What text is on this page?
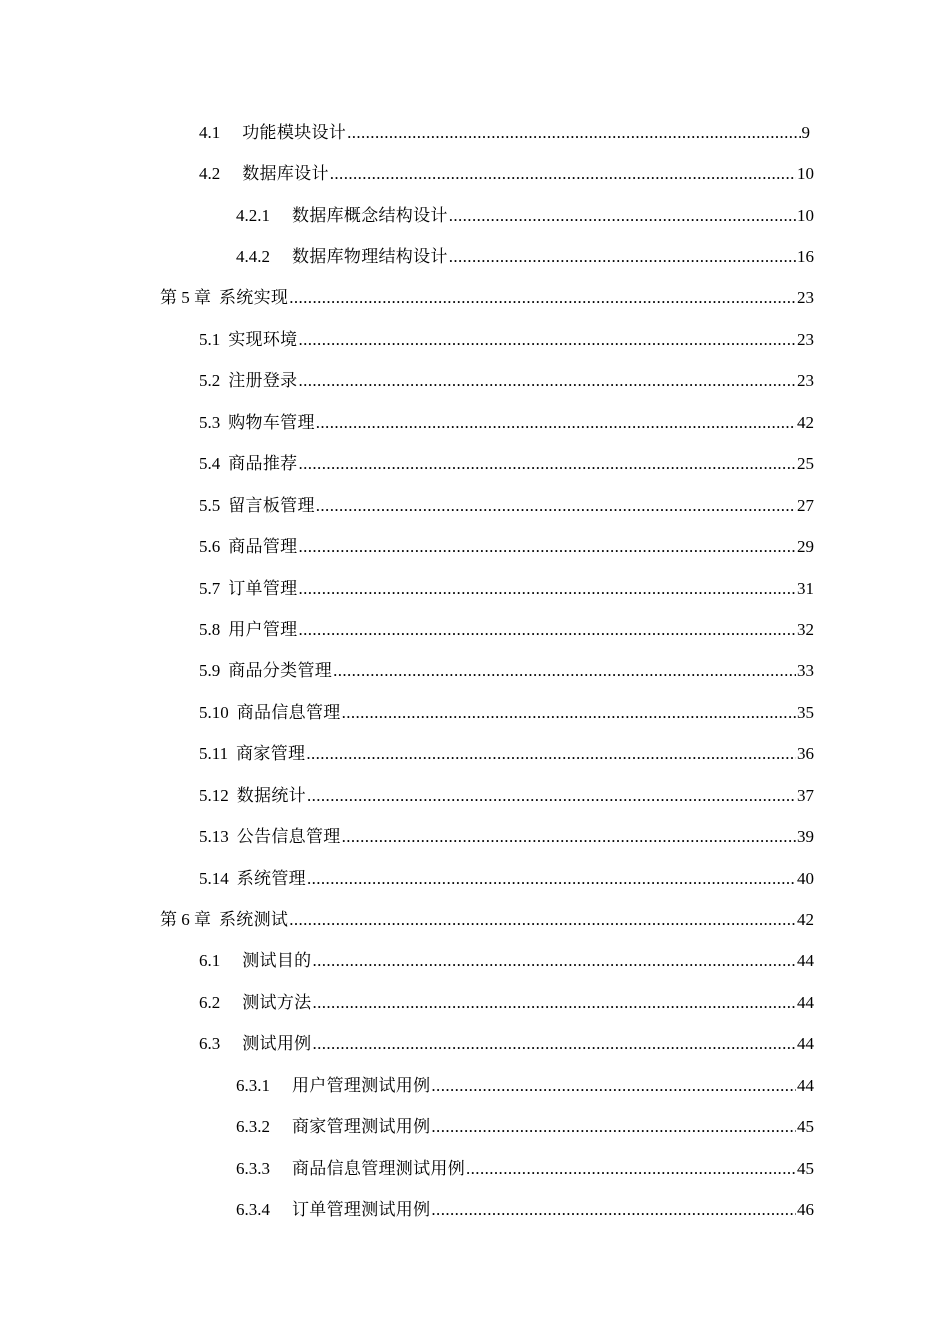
4.1 功能模块设计 .....	9
4.2 数据库设计 .....	10
4.2.1 数据库概念结构设计 .....	10
4.4.2 数据库物理结构设计 .....	16
第 5 章 系统实现 .....	23
5.1 实现环境 .....	23
5.2 注册登录 .....	23
5.3 购物车管理 .....	42
5.4 商品推荐 .....	25
5.5 留言板管理 .....	27
5.6 商品管理 .....	29
5.7 订单管理 .....	31
5.8 用户管理 .....	32
5.9 商品分类管理 .....	33
5.10 商品信息管理 .....	35
5.11 商家管理 .....	36
5.12 数据统计 .....	37
5.13 公告信息管理 .....	39
5.14 系统管理 .....	40
第 6 章 系统测试 .....	42
6.1 测试目的 .....	44
6.2 测试方法 .....	44
6.3 测试用例 .....	44
6.3.1 用户管理测试用例 .....	44
6.3.2 商家管理测试用例 .....	45
6.3.3 商品信息管理测试用例 .....	45
6.3.4 订单管理测试用例 .....	46
